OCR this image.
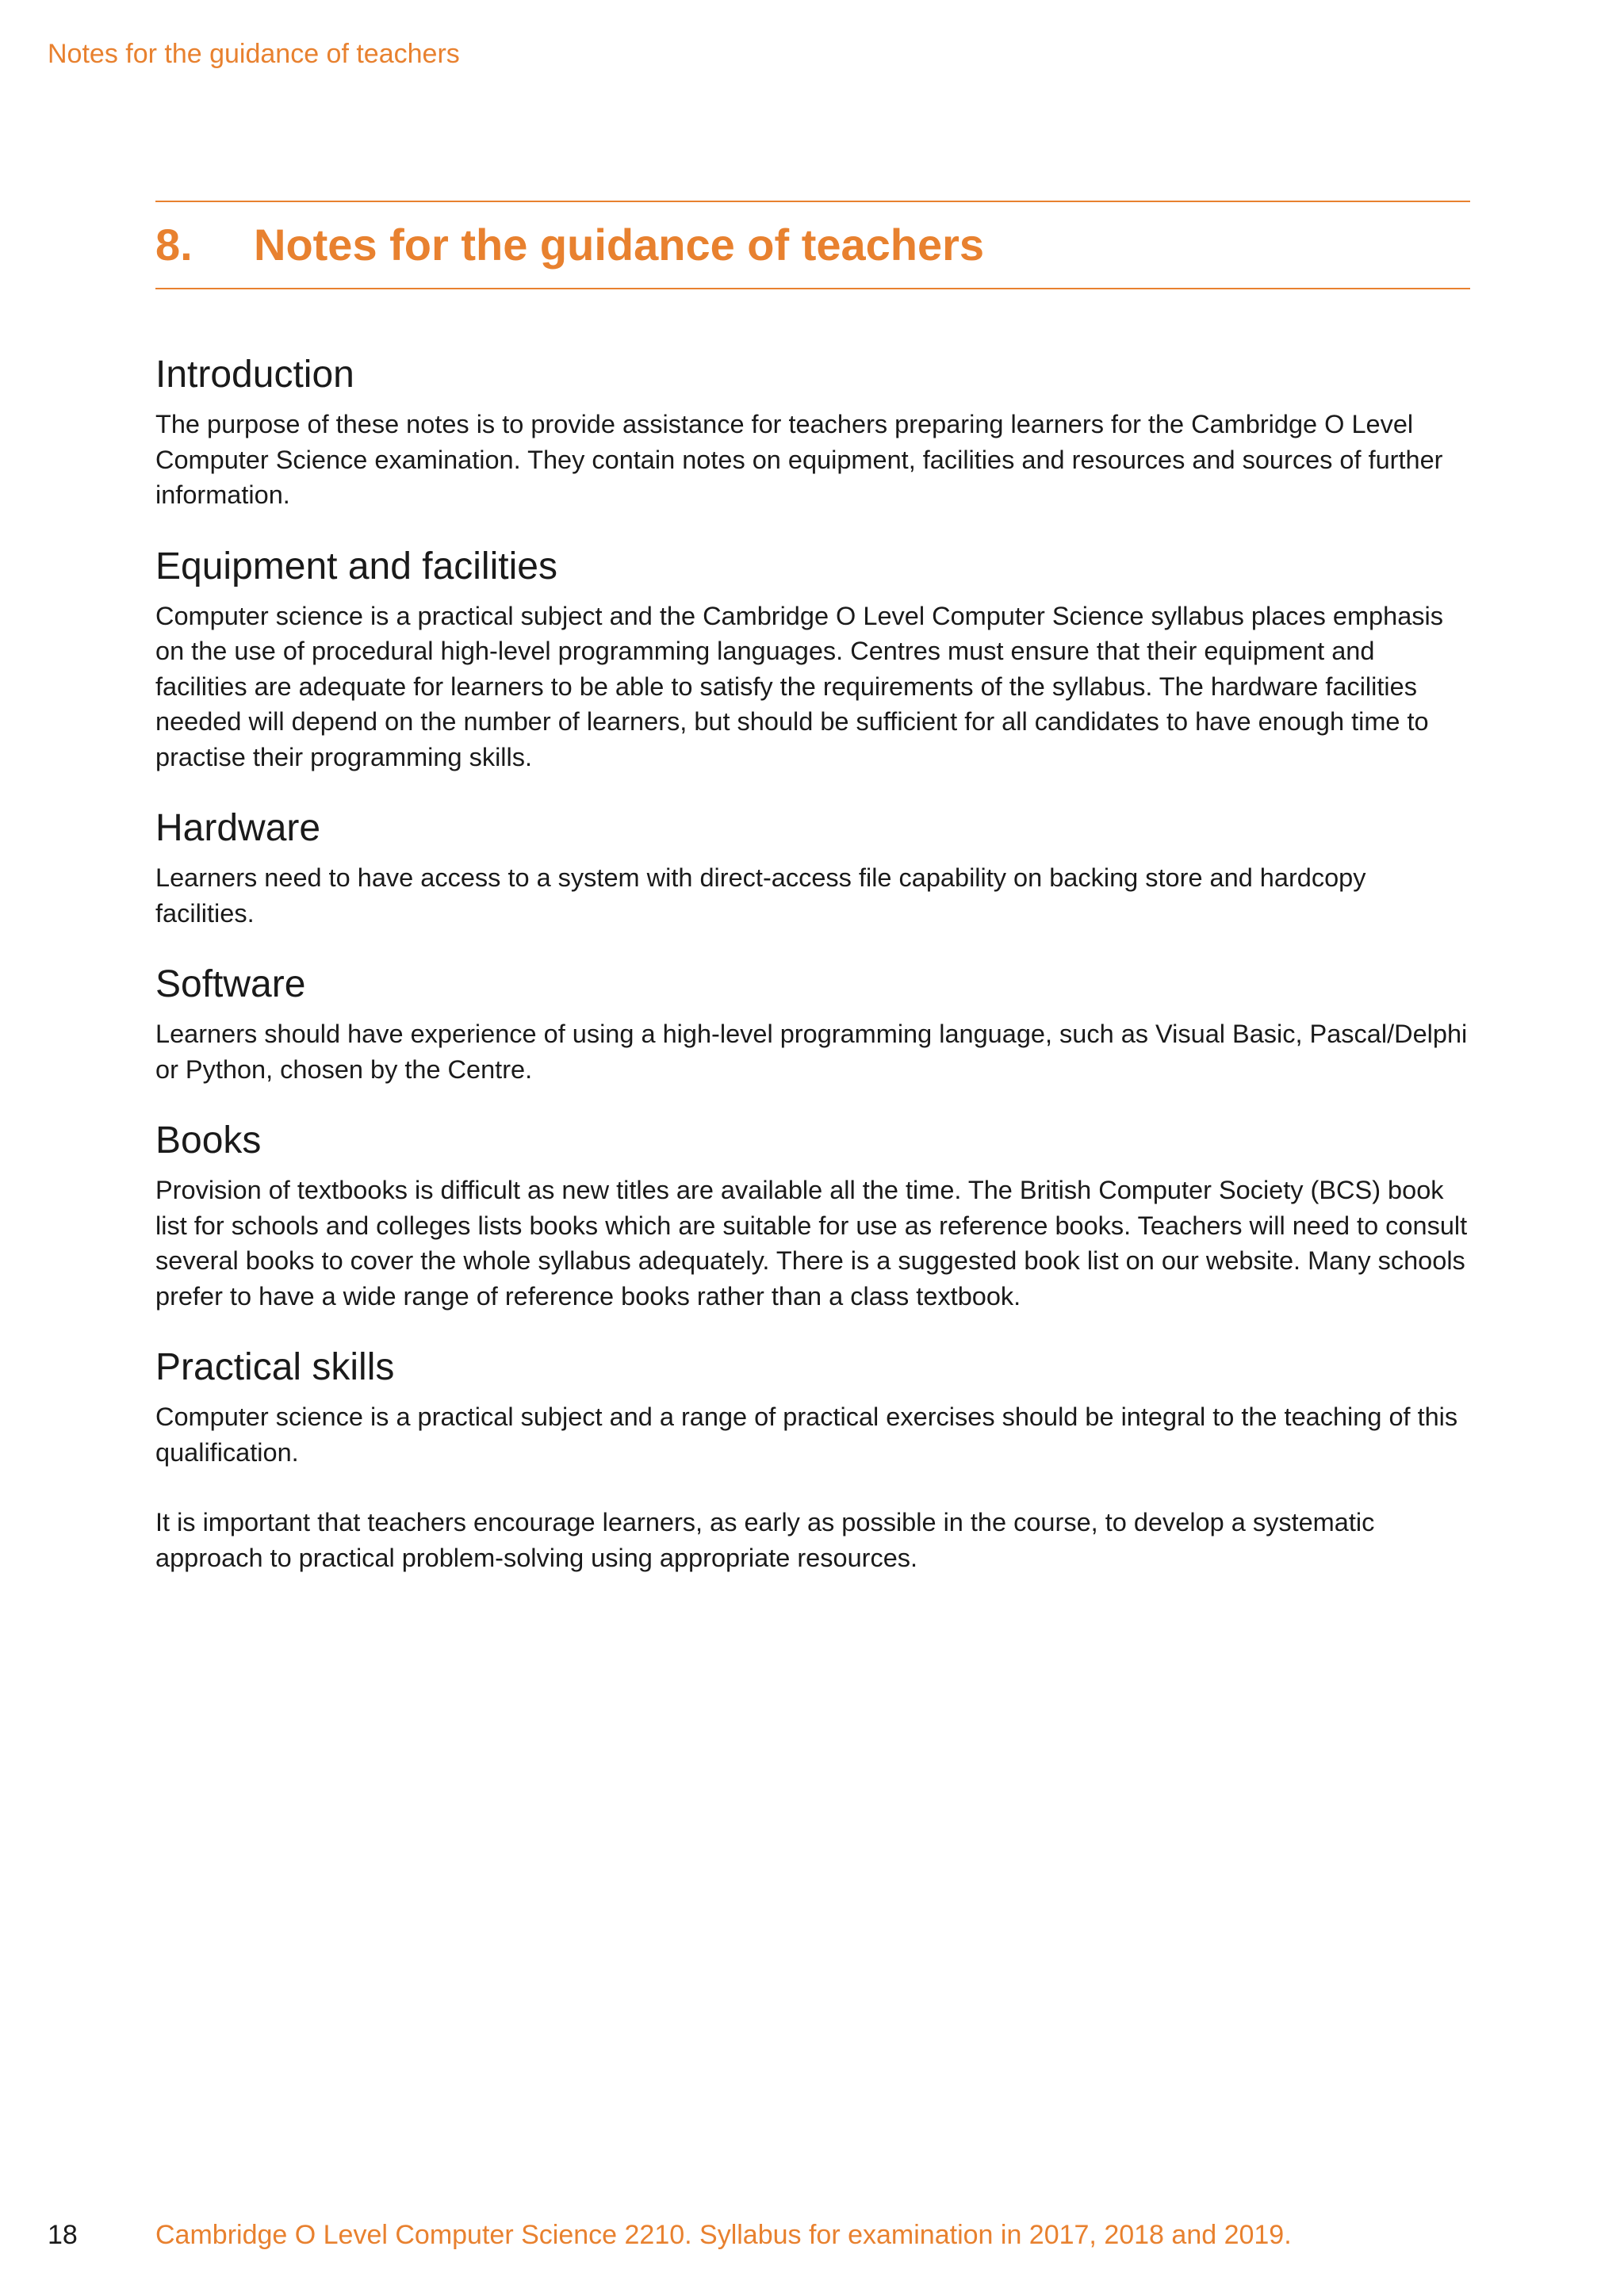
Notes for the guidance of teachers
8.	Notes for the guidance of teachers
Introduction

The purpose of these notes is to provide assistance for teachers preparing learners for the Cambridge O Level Computer Science examination. They contain notes on equipment, facilities and resources and sources of further information.

Equipment and facilities

Computer science is a practical subject and the Cambridge O Level Computer Science syllabus places emphasis on the use of procedural high-level programming languages. Centres must ensure that their equipment and facilities are adequate for learners to be able to satisfy the requirements of the syllabus. The hardware facilities needed will depend on the number of learners, but should be sufficient for all candidates to have enough time to practise their programming skills.

Hardware

Learners need to have access to a system with direct-access file capability on backing store and hardcopy facilities.

Software

Learners should have experience of using a high-level programming language, such as Visual Basic, Pascal/Delphi or Python, chosen by the Centre.

Books

Provision of textbooks is difficult as new titles are available all the time. The British Computer Society (BCS) book list for schools and colleges lists books which are suitable for use as reference books. Teachers will need to consult several books to cover the whole syllabus adequately. There is a suggested book list on our website. Many schools prefer to have a wide range of reference books rather than a class textbook.

Practical skills

Computer science is a practical subject and a range of practical exercises should be integral to the teaching of this qualification.

It is important that teachers encourage learners, as early as possible in the course, to develop a systematic approach to practical problem-solving using appropriate resources.

18	Cambridge O Level Computer Science 2210. Syllabus for examination in 2017, 2018 and 2019.
